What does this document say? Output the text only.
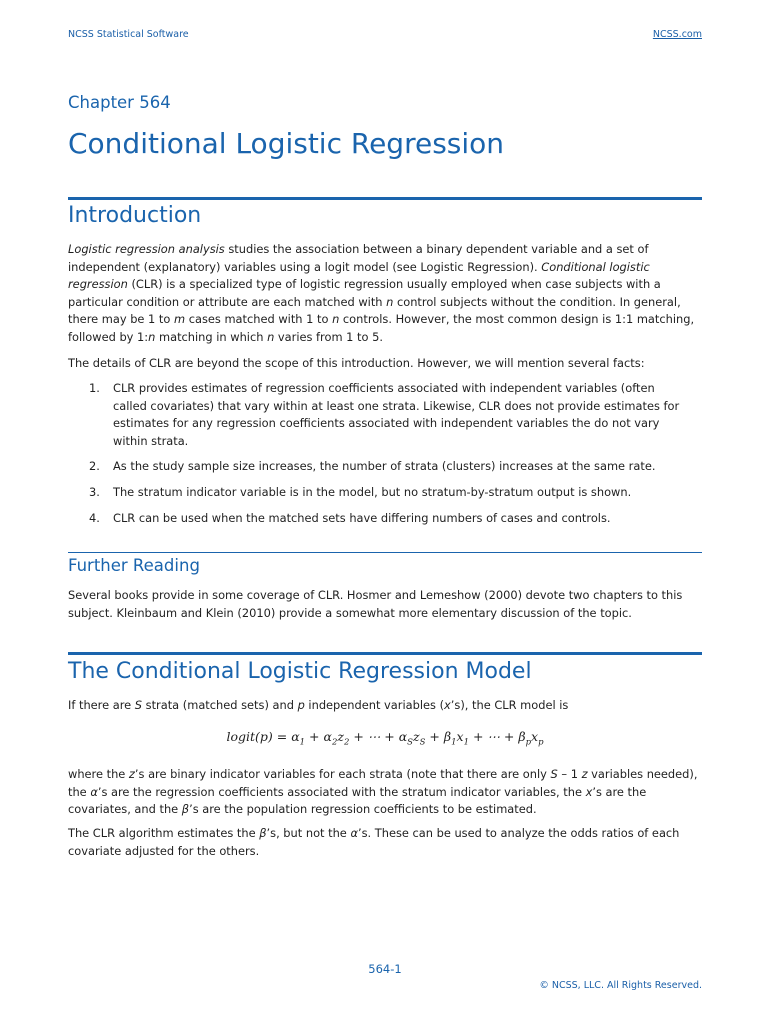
NCSS Statistical Software	NCSS.com
Chapter 564
Conditional Logistic Regression
Introduction
Logistic regression analysis studies the association between a binary dependent variable and a set of independent (explanatory) variables using a logit model (see Logistic Regression). Conditional logistic regression (CLR) is a specialized type of logistic regression usually employed when case subjects with a particular condition or attribute are each matched with n control subjects without the condition. In general, there may be 1 to m cases matched with 1 to n controls. However, the most common design is 1:1 matching, followed by 1:n matching in which n varies from 1 to 5.
The details of CLR are beyond the scope of this introduction. However, we will mention several facts:
1. CLR provides estimates of regression coefficients associated with independent variables (often called covariates) that vary within at least one strata. Likewise, CLR does not provide estimates for estimates for any regression coefficients associated with independent variables the do not vary within strata.
2. As the study sample size increases, the number of strata (clusters) increases at the same rate.
3. The stratum indicator variable is in the model, but no stratum-by-stratum output is shown.
4. CLR can be used when the matched sets have differing numbers of cases and controls.
Further Reading
Several books provide in some coverage of CLR. Hosmer and Lemeshow (2000) devote two chapters to this subject. Kleinbaum and Klein (2010) provide a somewhat more elementary discussion of the topic.
The Conditional Logistic Regression Model
If there are S strata (matched sets) and p independent variables (x’s), the CLR model is
logit(p) = $\alpha_1 + \alpha_2z_2$ + ⋯ + $\alpha_Sz_S + \beta_1x_1$ + ⋯ + $\beta_px_p$
where the z’s are binary indicator variables for each strata (note that there are only S – 1 z variables needed), the α’s are the regression coefficients associated with the stratum indicator variables, the x’s are the covariates, and the β’s are the population regression coefficients to be estimated.
The CLR algorithm estimates the β’s, but not the α’s. These can be used to analyze the odds ratios of each covariate adjusted for the others.
564-1
© NCSS, LLC. All Rights Reserved.
